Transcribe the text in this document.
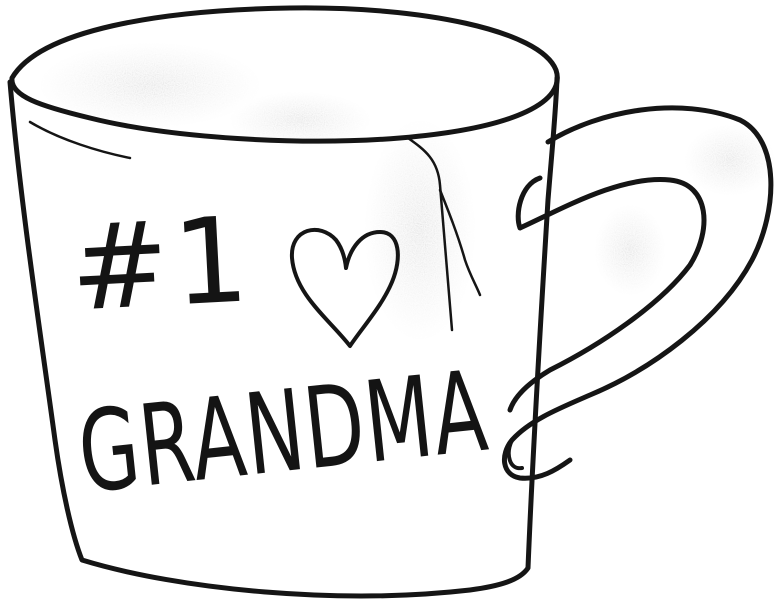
#1
GRANDMA
